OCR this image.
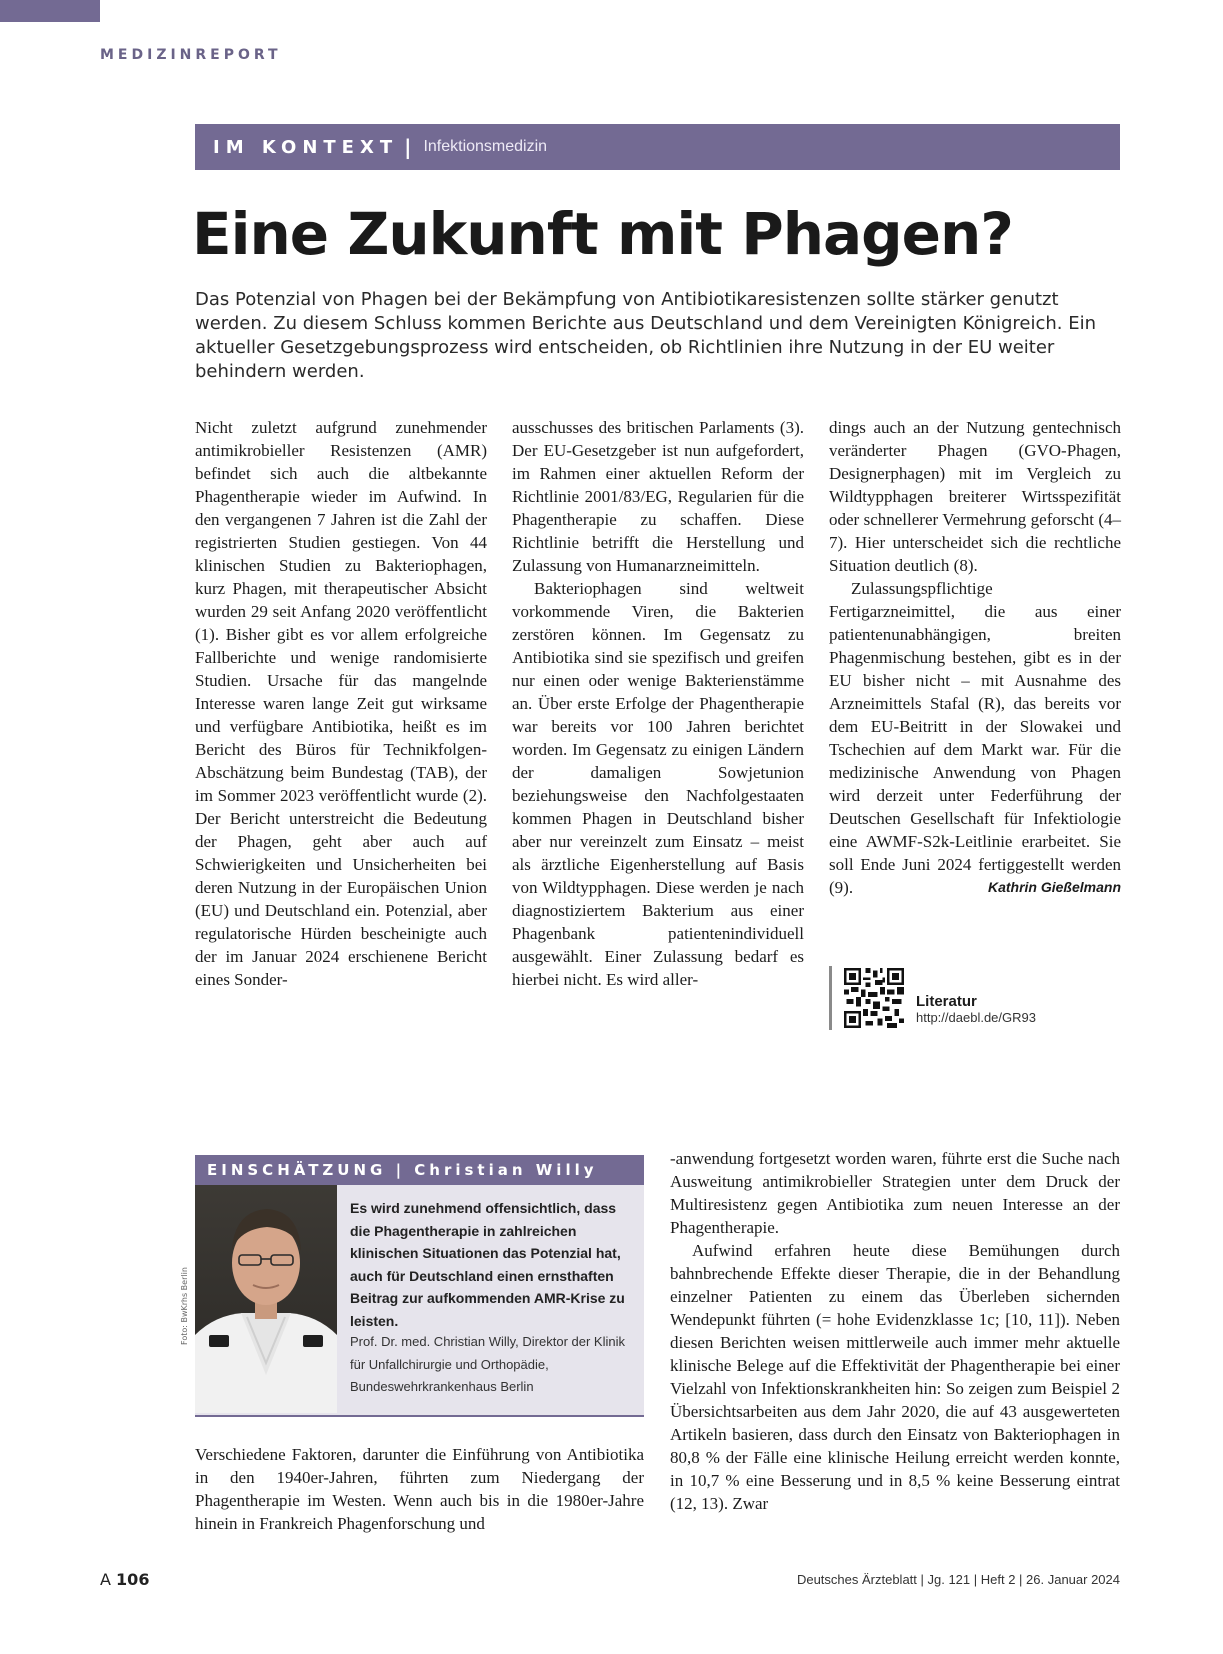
MEDIZINREPORT
IM KONTEXT | Infektionsmedizin
Eine Zukunft mit Phagen?

Das Potenzial von Phagen bei der Bekämpfung von Antibiotikaresistenzen sollte stärker genutzt werden. Zu diesem Schluss kommen Berichte aus Deutschland und dem Vereinigten Königreich. Ein aktueller Gesetzgebungsprozess wird entscheiden, ob Richtlinien ihre Nutzung in der EU weiter behindern werden.

Nicht zuletzt aufgrund zunehmender antimikrobieller Resistenzen (AMR) befindet sich auch die altbekannte Phagentherapie wieder im Aufwind. In den vergangenen 7 Jahren ist die Zahl der registrierten Studien gestiegen. Von 44 klinischen Studien zu Bakteriophagen, kurz Phagen, mit therapeutischer Absicht wurden 29 seit Anfang 2020 veröffentlicht (1). Bisher gibt es vor allem erfolgreiche Fallberichte und wenige randomisierte Studien. Ursache für das mangelnde Interesse waren lange Zeit gut wirksame und verfügbare Antibiotika, heißt es im Bericht des Büros für Technikfolgen-Abschätzung beim Bundestag (TAB), der im Sommer 2023 veröffentlicht wurde (2). Der Bericht unterstreicht die Bedeutung der Phagen, geht aber auch auf Schwierigkeiten und Unsicherheiten bei deren Nutzung in der Europäischen Union (EU) und Deutschland ein. Potenzial, aber regulatorische Hürden bescheinigte auch der im Januar 2024 erschienene Bericht eines Sonder-

ausschusses des britischen Parlaments (3). Der EU-Gesetzgeber ist nun aufgefordert, im Rahmen einer aktuellen Reform der Richtlinie 2001/83/EG, Regularien für die Phagentherapie zu schaffen. Diese Richtlinie betrifft die Herstellung und Zulassung von Humanarzneimitteln.

Bakteriophagen sind weltweit vorkommende Viren, die Bakterien zerstören können. Im Gegensatz zu Antibiotika sind sie spezifisch und greifen nur einen oder wenige Bakterienstämme an. Über erste Erfolge der Phagentherapie war bereits vor 100 Jahren berichtet worden. Im Gegensatz zu einigen Ländern der damaligen Sowjetunion beziehungsweise den Nachfolgestaaten kommen Phagen in Deutschland bisher aber nur vereinzelt zum Einsatz – meist als ärztliche Eigenherstellung auf Basis von Wildtypphagen. Diese werden je nach diagnostiziertem Bakterium aus einer Phagenbank patientenindividuell ausgewählt. Einer Zulassung bedarf es hierbei nicht. Es wird aller-

dings auch an der Nutzung gentechnisch veränderter Phagen (GVO-Phagen, Designerphagen) mit im Vergleich zu Wildtypphagen breiterer Wirtsspezifität oder schnellerer Vermehrung geforscht (4–7). Hier unterscheidet sich die rechtliche Situation deutlich (8).

Zulassungspflichtige Fertigarzneimittel, die aus einer patientenunabhängigen, breiten Phagenmischung bestehen, gibt es in der EU bisher nicht – mit Ausnahme des Arzneimittels Stafal (R), das bereits vor dem EU-Beitritt in der Slowakei und Tschechien auf dem Markt war. Für die medizinische Anwendung von Phagen wird derzeit unter Federführung der Deutschen Gesellschaft für Infektiologie eine AWMF-S2k-Leitlinie erarbeitet. Sie soll Ende Juni 2024 fertiggestellt werden (9).	Kathrin Gießelmann

Literatur
http://daebl.de/GR93
EINSCHÄTZUNG | Christian Willy

Es wird zunehmend offensichtlich, dass die Phagentherapie in zahlreichen klinischen Situationen das Potenzial hat, auch für Deutschland einen ernsthaften Beitrag zur aufkommenden AMR-Krise zu leisten.

Prof. Dr. med. Christian Willy, Direktor der Klinik für Unfallchirurgie und Orthopädie, Bundeswehrkrankenhaus Berlin

Foto: BwKrhs Berlin

Verschiedene Faktoren, darunter die Einführung von Antibiotika in den 1940er-Jahren, führten zum Niedergang der Phagentherapie im Westen. Wenn auch bis in die 1980er-Jahre hinein in Frankreich Phagenforschung und

-anwendung fortgesetzt worden waren, führte erst die Suche nach Ausweitung antimikrobieller Strategien unter dem Druck der Multiresistenz gegen Antibiotika zum neuen Interesse an der Phagentherapie.

Aufwind erfahren heute diese Bemühungen durch bahnbrechende Effekte dieser Therapie, die in der Behandlung einzelner Patienten zu einem das Überleben sichernden Wendepunkt führten (= hohe Evidenzklasse 1c; [10, 11]). Neben diesen Berichten weisen mittlerweile auch immer mehr aktuelle klinische Belege auf die Effektivität der Phagentherapie bei einer Vielzahl von Infektionskrankheiten hin: So zeigen zum Beispiel 2 Übersichtsarbeiten aus dem Jahr 2020, die auf 43 ausgewerteten Artikeln basieren, dass durch den Einsatz von Bakteriophagen in 80,8 % der Fälle eine klinische Heilung erreicht werden konnte, in 10,7 % eine Besserung und in 8,5 % keine Besserung eintrat (12, 13). Zwar

A 106	Deutsches Ärzteblatt | Jg. 121 | Heft 2 | 26. Januar 2024
